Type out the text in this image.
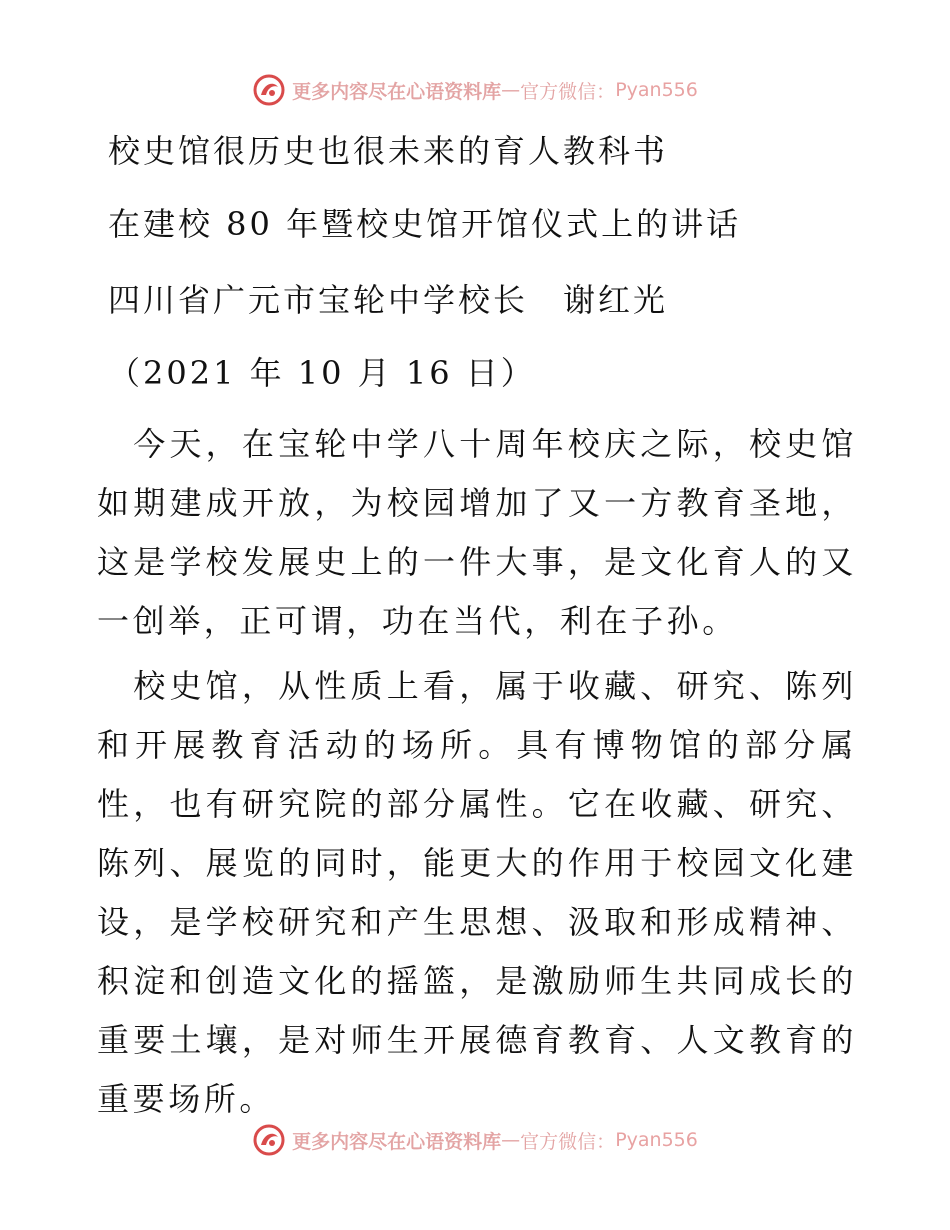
更多内容尽在心语资料库 — 官方微信： Pyan556
校史馆很历史也很未来的育人教科书
在建校 80 年暨校史馆开馆仪式上的讲话
四川省广元市宝轮中学校长　谢红光
（2021 年 10 月 16 日）

　今天，在宝轮中学八十周年校庆之际，校史馆如期建成开放，为校园增加了又一方教育圣地，这是学校发展史上的一件大事，是文化育人的又一创举，正可谓，功在当代，利在子孙。

　校史馆，从性质上看，属于收藏、研究、陈列和开展教育活动的场所。具有博物馆的部分属性，也有研究院的部分属性。它在收藏、研究、陈列、展览的同时，能更大的作用于校园文化建设，是学校研究和产生思想、汲取和形成精神、积淀和创造文化的摇篮，是激励师生共同成长的重要土壤，是对师生开展德育教育、人文教育的重要场所。

更多内容尽在心语资料库 — 官方微信： Pyan556
